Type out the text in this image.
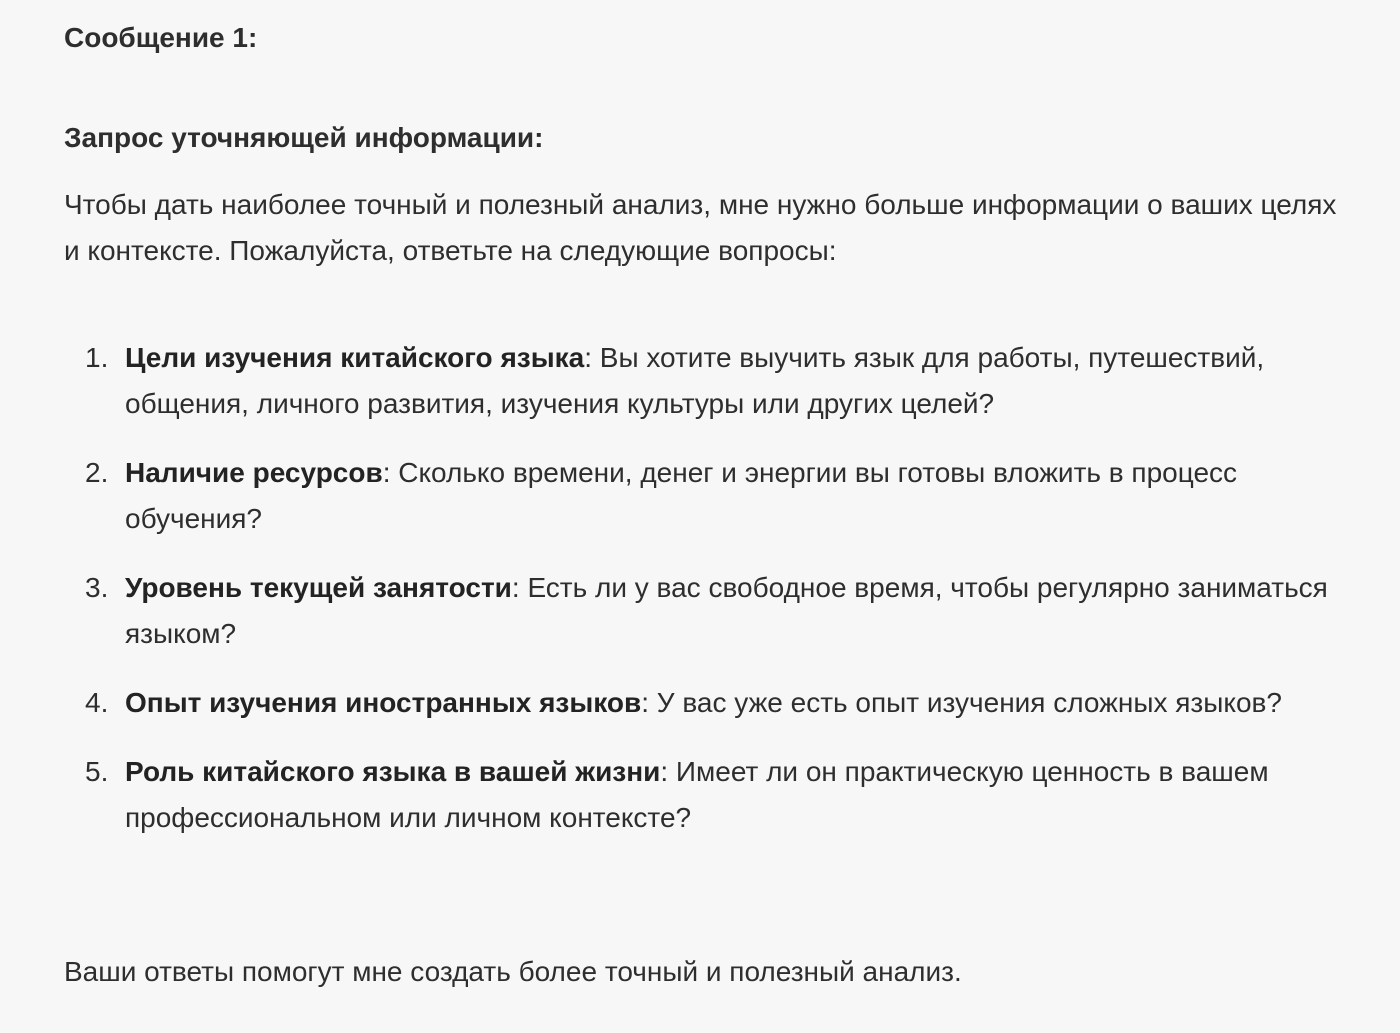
Сообщение 1:
Запрос уточняющей информации:

Чтобы дать наиболее точный и полезный анализ, мне нужно больше информации о ваших целях и контексте. Пожалуйста, ответьте на следующие вопросы:

1. Цели изучения китайского языка: Вы хотите выучить язык для работы, путешествий, общения, личного развития, изучения культуры или других целей?
2. Наличие ресурсов: Сколько времени, денег и энергии вы готовы вложить в процесс обучения?
3. Уровень текущей занятости: Есть ли у вас свободное время, чтобы регулярно заниматься языком?
4. Опыт изучения иностранных языков: У вас уже есть опыт изучения сложных языков?
5. Роль китайского языка в вашей жизни: Имеет ли он практическую ценность в вашем профессиональном или личном контексте?

Ваши ответы помогут мне создать более точный и полезный анализ.
